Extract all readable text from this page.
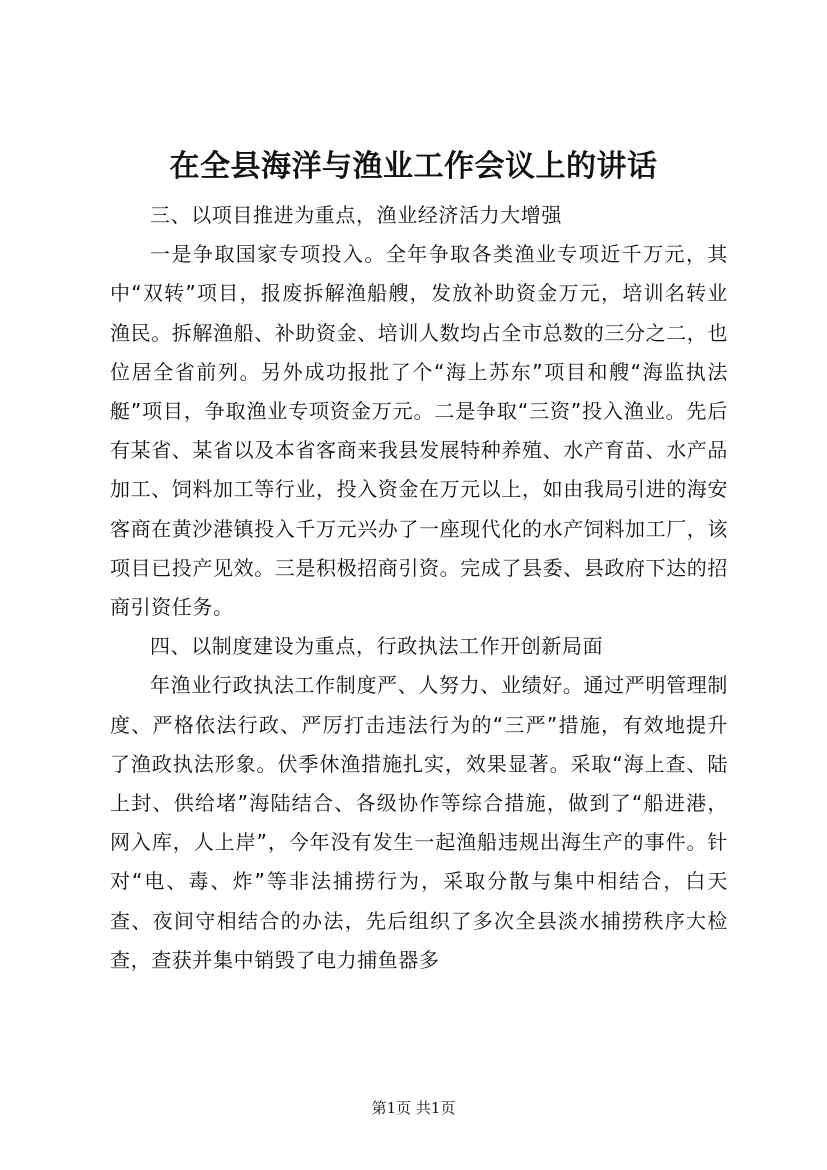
在全县海洋与渔业工作会议上的讲话

三、以项目推进为重点，渔业经济活力大增强

一是争取国家专项投入。全年争取各类渔业专项近千万元，其中“双转”项目，报废拆解渔船艘，发放补助资金万元，培训名转业渔民。拆解渔船、补助资金、培训人数均占全市总数的三分之二，也位居全省前列。另外成功报批了个“海上苏东”项目和艘“海监执法艇”项目，争取渔业专项资金万元。二是争取“三资”投入渔业。先后有某省、某省以及本省客商来我县发展特种养殖、水产育苗、水产品加工、饲料加工等行业，投入资金在万元以上，如由我局引进的海安客商在黄沙港镇投入千万元兴办了一座现代化的水产饲料加工厂，该项目已投产见效。三是积极招商引资。完成了县委、县政府下达的招商引资任务。

四、以制度建设为重点，行政执法工作开创新局面

年渔业行政执法工作制度严、人努力、业绩好。通过严明管理制度、严格依法行政、严厉打击违法行为的“三严”措施，有效地提升了渔政执法形象。伏季休渔措施扎实，效果显著。采取“海上查、陆上封、供给堵”海陆结合、各级协作等综合措施，做到了“船进港，网入库，人上岸”，今年没有发生一起渔船违规出海生产的事件。针对“电、毒、炸”等非法捕捞行为，采取分散与集中相结合，白天查、夜间守相结合的办法，先后组织了多次全县淡水捕捞秩序大检查，查获并集中销毁了电力捕鱼器多

第1页 共1页
